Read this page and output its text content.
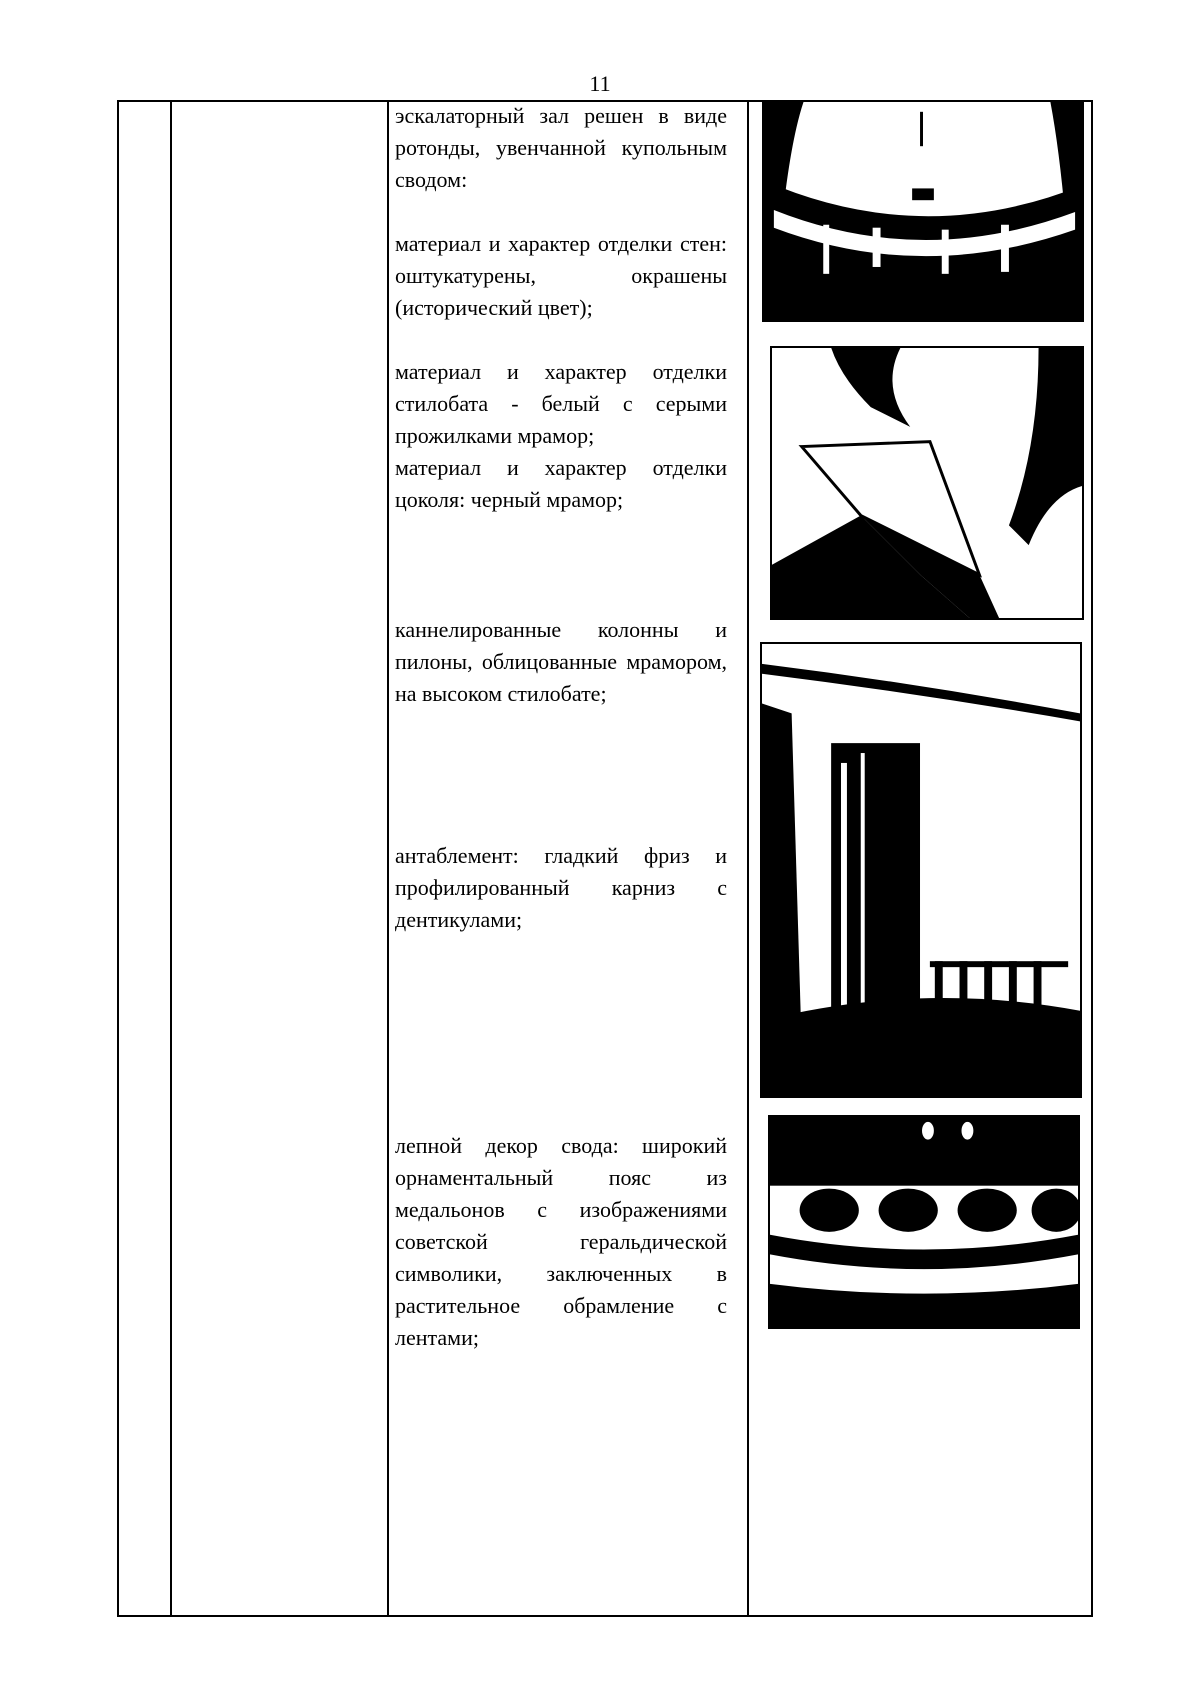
11

эскалаторный зал решен в виде ротонды, увенчанной купольным сводом:

материал и характер отделки стен: оштукатурены, окрашены (исторический цвет);

материал и характер отделки стилобата - белый с серыми прожилками мрамор;

материал и характер отделки цоколя: черный мрамор;

каннелированные колонны и пилоны, облицованные мрамором, на высоком стилобате;

антаблемент: гладкий фриз и профилированный карниз с дентикулами;

лепной декор свода: широкий орнаментальный пояс из медальонов с изображениями советской геральдической символики, заключенных в растительное обрамление с лентами;
